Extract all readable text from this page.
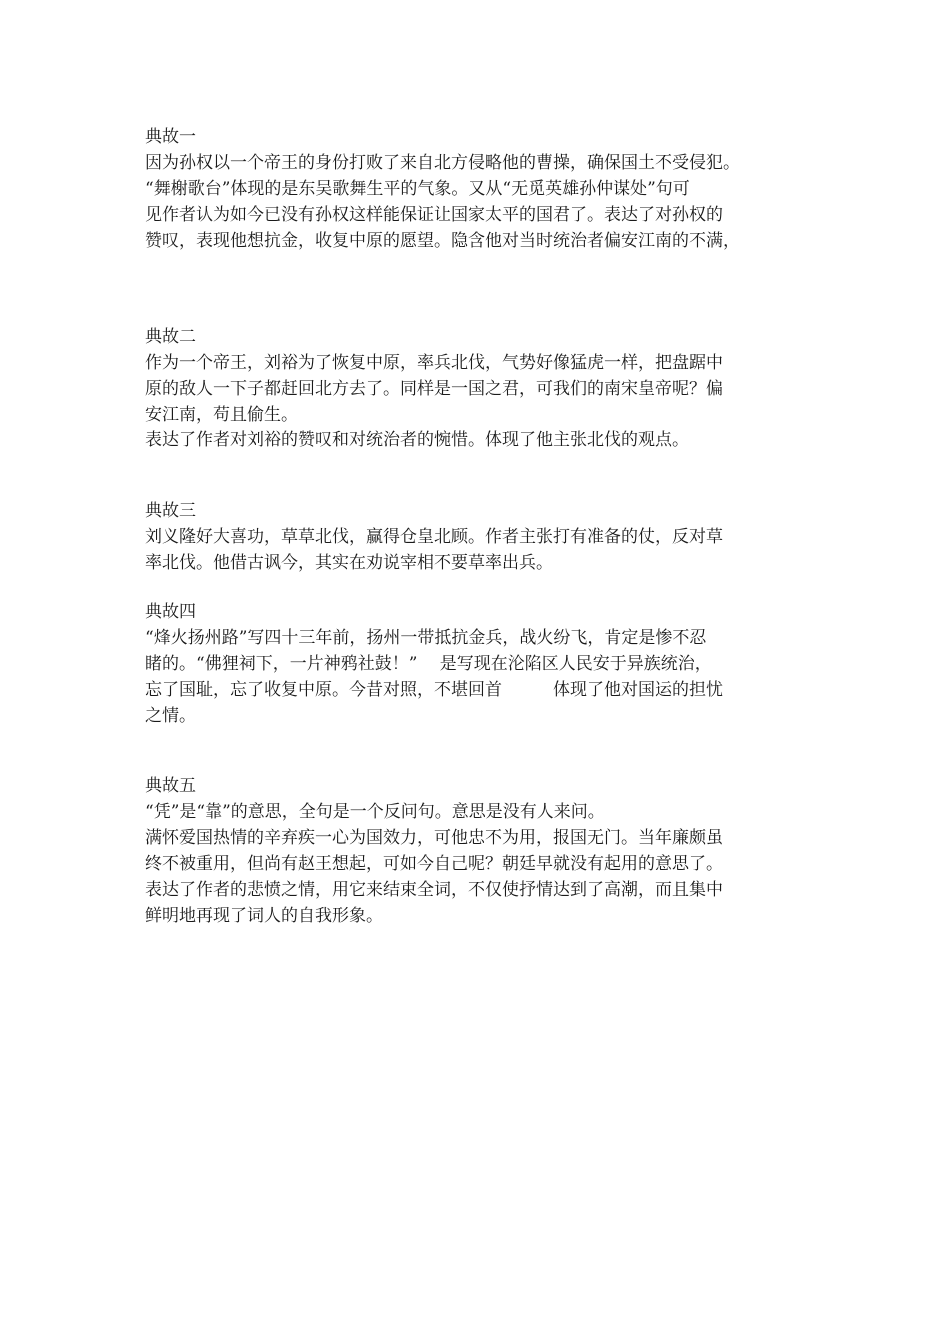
典故一
因为孙权以一个帝王的身份打败了来自北方侵略他的曹操，确保国土不受侵犯。
“舞榭歌台”体现的是东吴歌舞生平的气象。又从“无觅英雄孙仲谋处”句可
见作者认为如今已没有孙权这样能保证让国家太平的国君了。表达了对孙权的
赞叹，表现他想抗金，收复中原的愿望。隐含他对当时统治者偏安江南的不满，
典故二
作为一个帝王，刘裕为了恢复中原，率兵北伐，气势好像猛虎一样，把盘踞中
原的敌人一下子都赶回北方去了。同样是一国之君，可我们的南宋皇帝呢？偏
安江南，苟且偷生。
表达了作者对刘裕的赞叹和对统治者的惋惜。体现了他主张北伐的观点。
典故三
刘义隆好大喜功，草草北伐，赢得仓皇北顾。作者主张打有准备的仗，反对草
率北伐。他借古讽今，其实在劝说宰相不要草率出兵。
典故四
“烽火扬州路”写四十三年前，扬州一带抵抗金兵，战火纷飞，肯定是惨不忍
睹的。“佛狸祠下，一片神鸦社鼓！”　 是写现在沦陷区人民安于异族统治，
忘了国耻，忘了收复中原。今昔对照，不堪回首　　　体现了他对国运的担忧
之情。
典故五
“凭”是“靠”的意思，全句是一个反问句。意思是没有人来问。
满怀爱国热情的辛弃疾一心为国效力，可他忠不为用，报国无门。当年廉颇虽
终不被重用，但尚有赵王想起，可如今自己呢？朝廷早就没有起用的意思了。
表达了作者的悲愤之情，用它来结束全词，不仅使抒情达到了高潮，而且集中
鲜明地再现了词人的自我形象。
